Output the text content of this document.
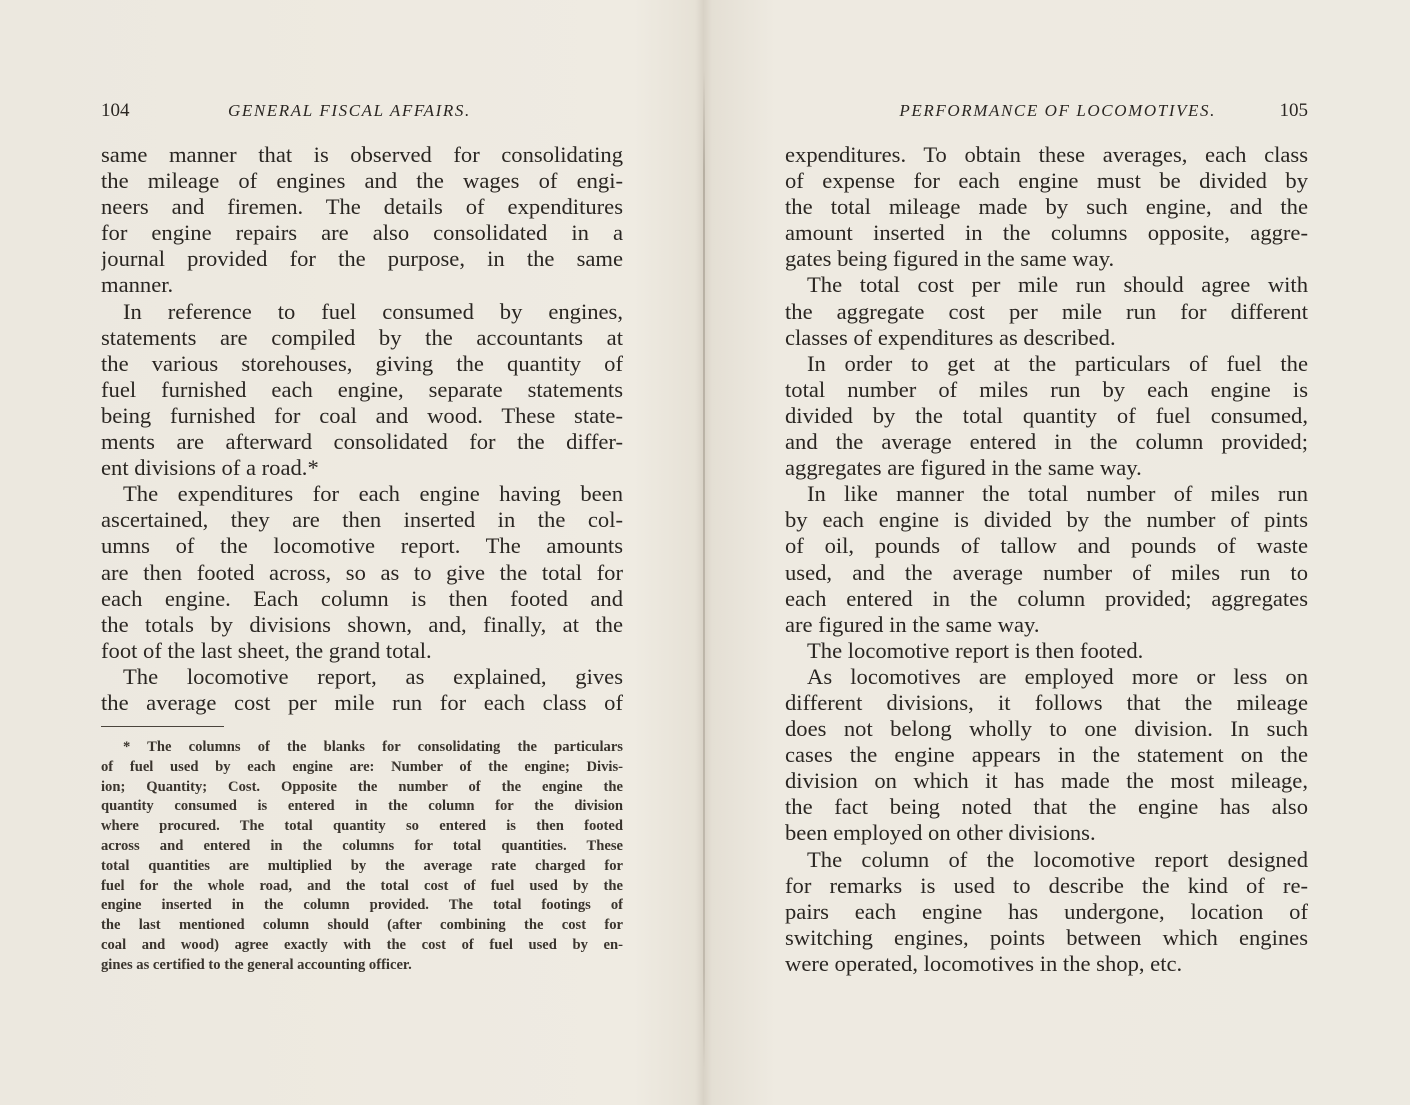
104	GENERAL FISCAL AFFAIRS.
same manner that is observed for consolidating
the mileage of engines and the wages of engi-
neers and firemen. The details of expenditures
for engine repairs are also consolidated in a
journal provided for the purpose, in the same
manner.
In reference to fuel consumed by engines,
statements are compiled by the accountants at
the various storehouses, giving the quantity of
fuel furnished each engine, separate statements
being furnished for coal and wood. These state-
ments are afterward consolidated for the differ-
ent divisions of a road.*
The expenditures for each engine having been
ascertained, they are then inserted in the col-
umns of the locomotive report. The amounts
are then footed across, so as to give the total for
each engine. Each column is then footed and
the totals by divisions shown, and, finally, at the
foot of the last sheet, the grand total.
The locomotive report, as explained, gives
the average cost per mile run for each class of
* The columns of the blanks for consolidating the particulars
of fuel used by each engine are: Number of the engine; Divis-
ion; Quantity; Cost. Opposite the number of the engine the
quantity consumed is entered in the column for the division
where procured. The total quantity so entered is then footed
across and entered in the columns for total quantities. These
total quantities are multiplied by the average rate charged for
fuel for the whole road, and the total cost of fuel used by the
engine inserted in the column provided. The total footings of
the last mentioned column should (after combining the cost for
coal and wood) agree exactly with the cost of fuel used by en-
gines as certified to the general accounting officer.
PERFORMANCE OF LOCOMOTIVES.	105
expenditures. To obtain these averages, each class
of expense for each engine must be divided by
the total mileage made by such engine, and the
amount inserted in the columns opposite, aggre-
gates being figured in the same way.
The total cost per mile run should agree with
the aggregate cost per mile run for different
classes of expenditures as described.
In order to get at the particulars of fuel the
total number of miles run by each engine is
divided by the total quantity of fuel consumed,
and the average entered in the column provided;
aggregates are figured in the same way.
In like manner the total number of miles run
by each engine is divided by the number of pints
of oil, pounds of tallow and pounds of waste
used, and the average number of miles run to
each entered in the column provided; aggregates
are figured in the same way.
The locomotive report is then footed.
As locomotives are employed more or less on
different divisions, it follows that the mileage
does not belong wholly to one division. In such
cases the engine appears in the statement on the
division on which it has made the most mileage,
the fact being noted that the engine has also
been employed on other divisions.
The column of the locomotive report designed
for remarks is used to describe the kind of re-
pairs each engine has undergone, location of
switching engines, points between which engines
were operated, locomotives in the shop, etc.
